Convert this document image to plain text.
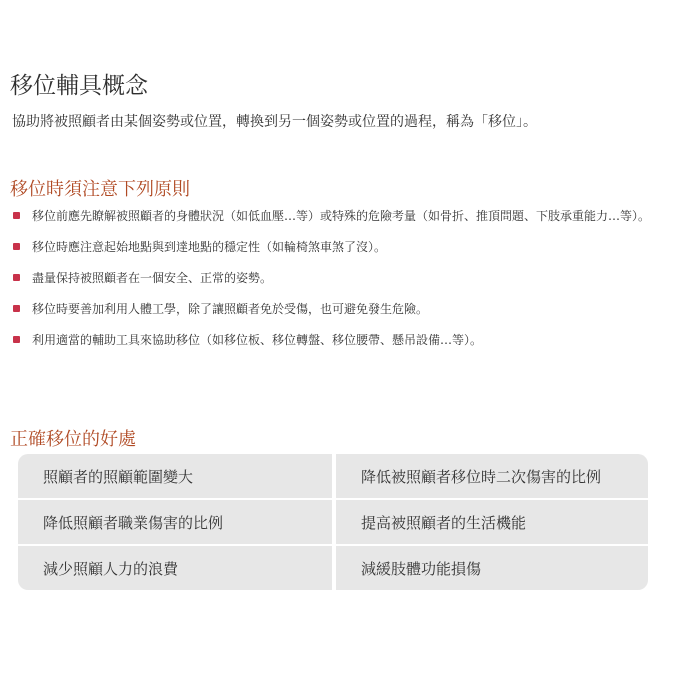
移位輔具概念

協助將被照顧者由某個姿勢或位置，轉換到另一個姿勢或位置的過程，稱為「移位」。

移位時須注意下列原則
移位前應先瞭解被照顧者的身體狀況（如低血壓…等）或特殊的危險考量（如骨折、推頂問題、下肢承重能力…等）。
移位時應注意起始地點與到達地點的穩定性（如輪椅煞車煞了沒）。
盡量保持被照顧者在一個安全、正常的姿勢。
移位時要善加利用人體工學，除了讓照顧者免於受傷，也可避免發生危險。
利用適當的輔助工具來協助移位（如移位板、移位轉盤、移位腰帶、懸吊設備…等）。
正確移位的好處
照顧者的照顧範圍變大	降低被照顧者移位時二次傷害的比例
降低照顧者職業傷害的比例	提高被照顧者的生活機能
減少照顧人力的浪費	減緩肢體功能損傷
